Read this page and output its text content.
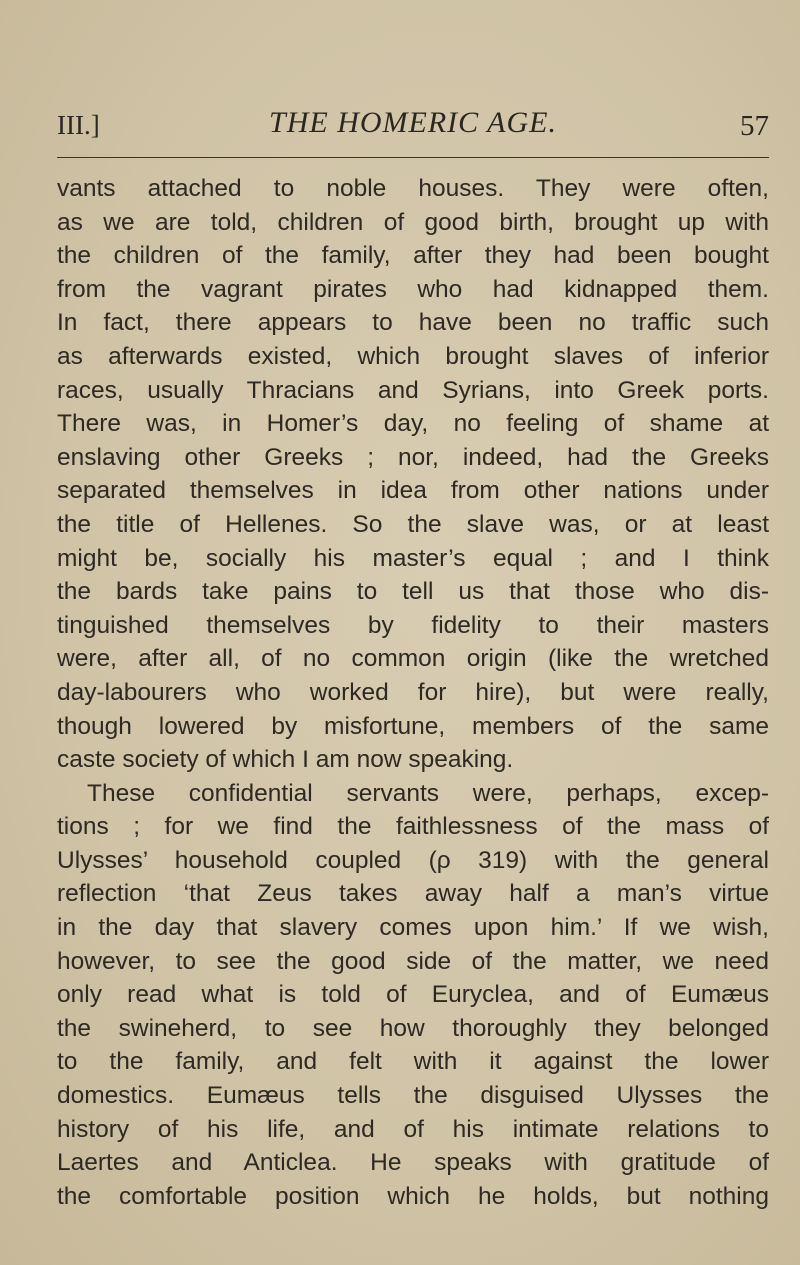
III.]	THE HOMERIC AGE.	57
vants attached to noble houses. They were often,
as we are told, children of good birth, brought up with
the children of the family, after they had been bought
from the vagrant pirates who had kidnapped them.
In fact, there appears to have been no traffic such
as afterwards existed, which brought slaves of inferior
races, usually Thracians and Syrians, into Greek ports.
There was, in Homer’s day, no feeling of shame at
enslaving other Greeks ; nor, indeed, had the Greeks
separated themselves in idea from other nations under
the title of Hellenes. So the slave was, or at least
might be, socially his master’s equal ; and I think
the bards take pains to tell us that those who dis-
tinguished themselves by fidelity to their masters
were, after all, of no common origin (like the wretched
day-labourers who worked for hire), but were really,
though lowered by misfortune, members of the same
caste society of which I am now speaking.
These confidential servants were, perhaps, excep-
tions ; for we find the faithlessness of the mass of
Ulysses’ household coupled (ρ 319) with the general
reflection ‘that Zeus takes away half a man’s virtue
in the day that slavery comes upon him.’ If we wish,
however, to see the good side of the matter, we need
only read what is told of Euryclea, and of Eumæus
the swineherd, to see how thoroughly they belonged
to the family, and felt with it against the lower
domestics. Eumæus tells the disguised Ulysses the
history of his life, and of his intimate relations to
Laertes and Anticlea. He speaks with gratitude of
the comfortable position which he holds, but nothing
